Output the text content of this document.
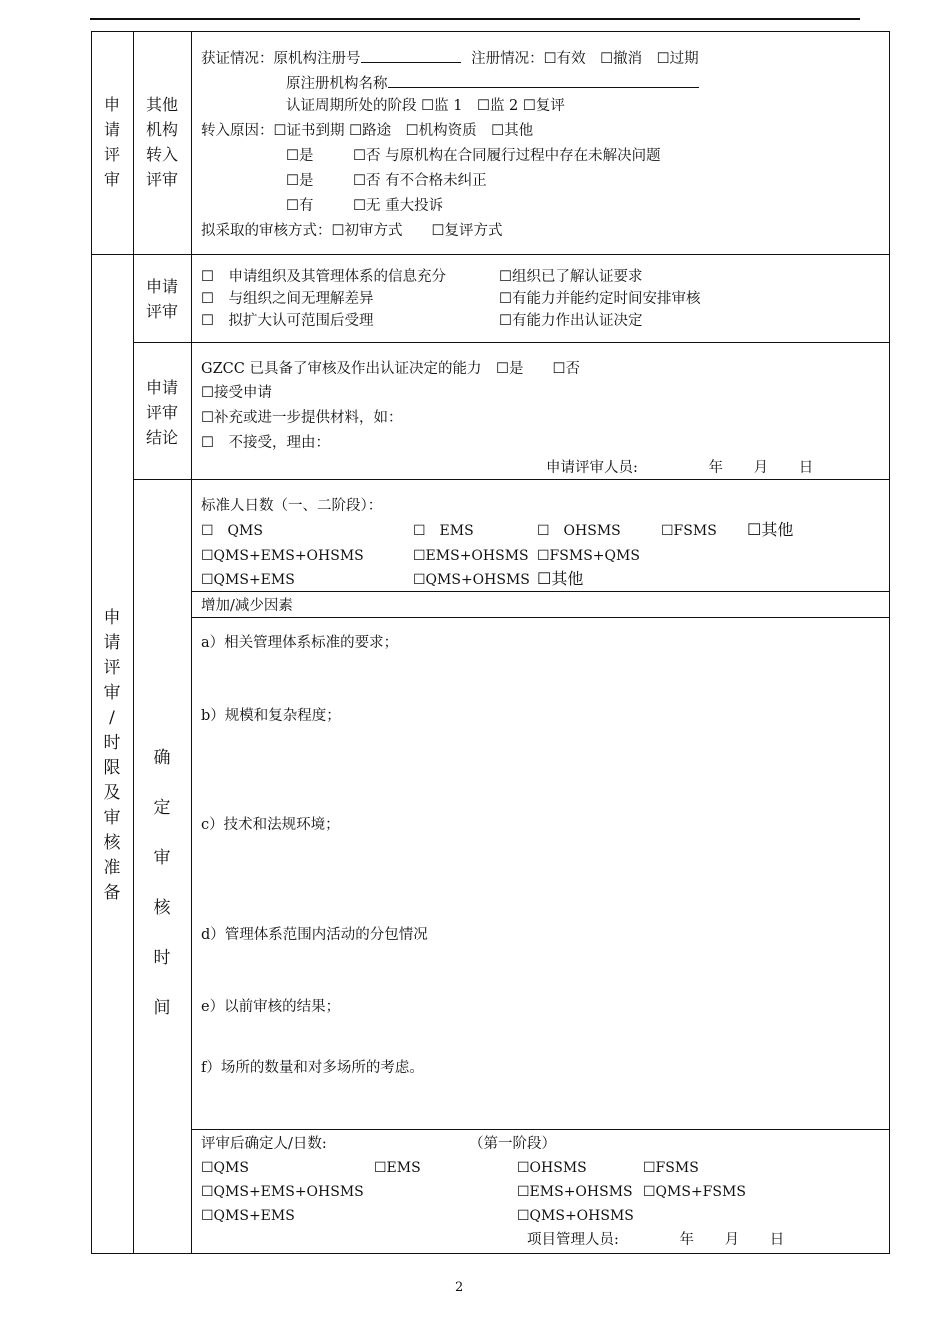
申
请
评
审
其他
机构
转入
评审
获证情况：原机构注册号	注册情况：☐有效　☐撤消　☐过期
原注册机构名称
认证周期所处的阶段 ☐监 1　☐监 2 ☐复评
转入原因：☐证书到期 ☐路途　☐机构资质　☐其他
☐是	☐否 与原机构在合同履行过程中存在未解决问题
☐是	☐否 有不合格未纠正
☐有	☐无 重大投诉
拟采取的审核方式：☐初审方式　　☐复评方式
申
请
评
审
/
时
限
及
审
核
准
备
申请
评审
☐　申请组织及其管理体系的信息充分	☐组织已了解认证要求
☐　与组织之间无理解差异	☐有能力并能约定时间安排审核
☐　拟扩大认可范围后受理	☐有能力作出认证决定
申请
评审
结论
GZCC 已具备了审核及作出认证决定的能力　☐是　　☐否
☐接受申请
☐补充或进一步提供材料，如：
☐　不接受，理由：
申请评审人员:	年 月 日
确
定
审
核
时
间
标准人日数（一、二阶段）：
☐　QMS	☐　EMS	☐　OHSMS	☐FSMS ☐其他
☐QMS+EMS+OHSMS	☐EMS+OHSMS ☐FSMS+QMS
☐QMS+EMS	☐QMS+OHSMS ☐其他
增加/减少因素
a）相关管理体系标准的要求；
b）规模和复杂程度；
c）技术和法规环境；
d）管理体系范围内活动的分包情况
e）以前审核的结果；
f）场所的数量和对多场所的考虑。
评审后确定人/日数:	（第一阶段）
☐QMS	☐EMS	☐OHSMS	☐FSMS
☐QMS+EMS+OHSMS	☐EMS+OHSMS ☐QMS+FSMS
☐QMS+EMS	☐QMS+OHSMS
项目管理人员:	年 月 日
2
